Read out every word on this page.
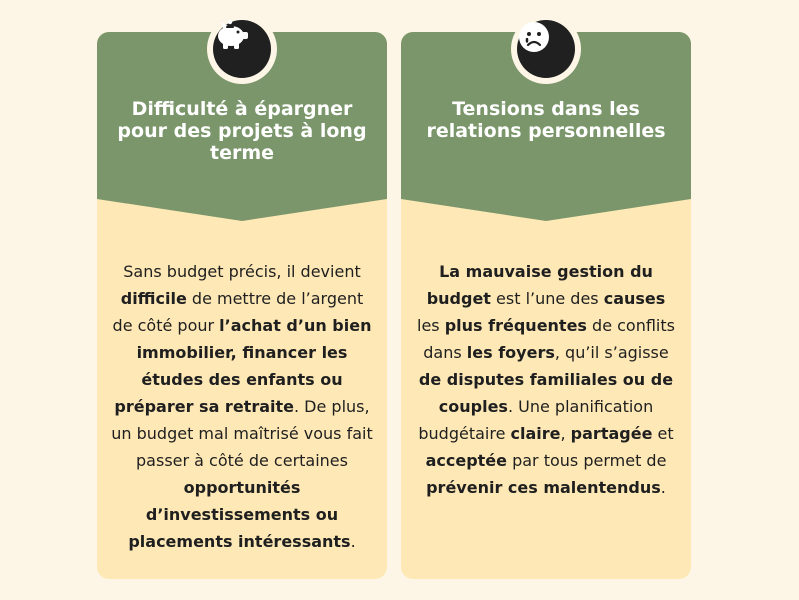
Difficulté à épargner pour des projets à long terme
Sans budget précis, il devient difficile de mettre de l’argent de côté pour l’achat d’un bien immobilier, financer les études des enfants ou préparer sa retraite. De plus, un budget mal maîtrisé vous fait passer à côté de certaines opportunités d’investissements ou placements intéressants.
Tensions dans les relations personnelles
La mauvaise gestion du budget est l’une des causes les plus fréquentes de conflits dans les foyers, qu’il s’agisse de disputes familiales ou de couples. Une planification budgétaire claire, partagée et acceptée par tous permet de prévenir ces malentendus.
